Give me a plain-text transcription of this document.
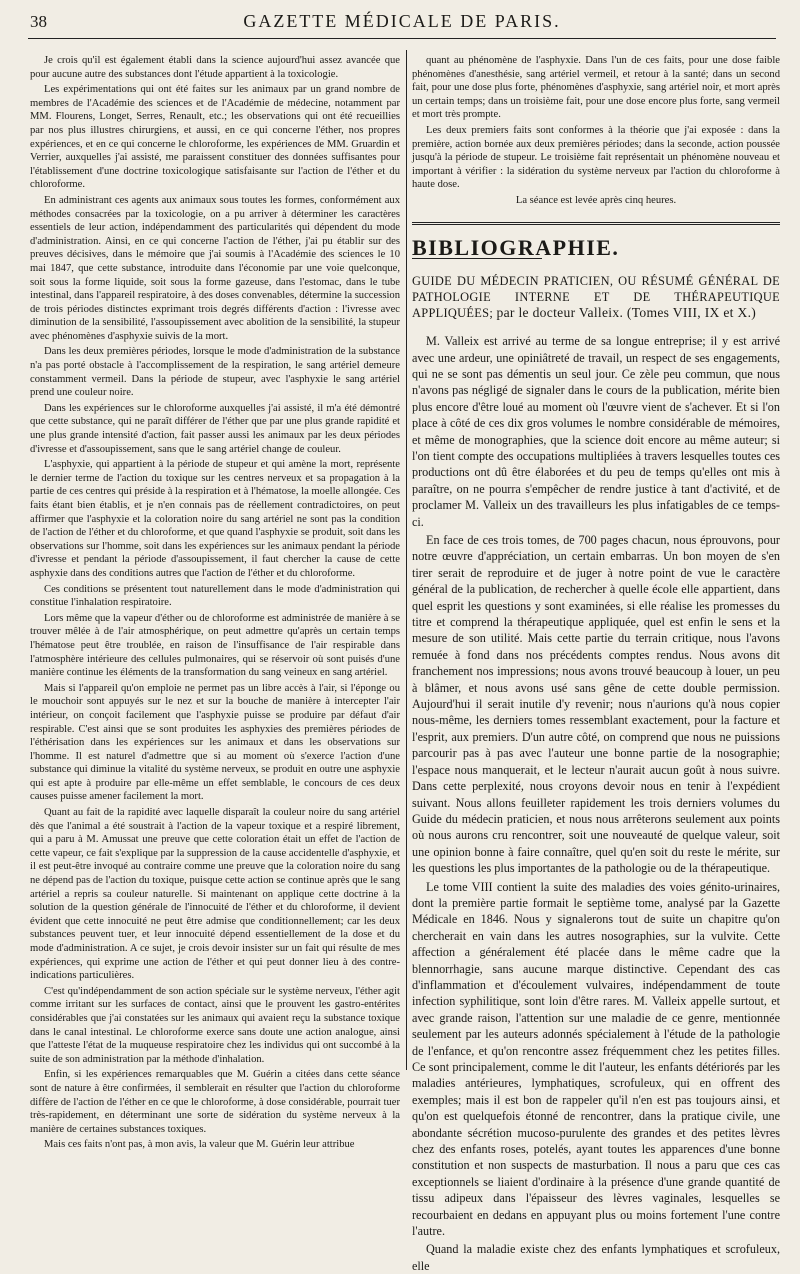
38	GAZETTE MÉDICALE DE PARIS.

Je crois qu'il est également établi dans la science aujourd'hui assez avancée que pour aucune autre des substances dont l'étude appartient à la toxicologie.

Les expérimentations qui ont été faites sur les animaux par un grand nombre de membres de l'Académie des sciences et de l'Académie de médecine, notamment par MM. Flourens, Longet, Serres, Renault, etc.; les observations qui ont été recueillies par nos plus illustres chirurgiens, et aussi, en ce qui concerne l'éther, nos propres expériences, et en ce qui concerne le chloroforme, les expériences de MM. Gruardin et Verrier, auxquelles j'ai assisté, me paraissent constituer des données suffisantes pour l'établissement d'une doctrine toxicologique satisfaisante sur l'action de l'éther et du chloroforme.

En administrant ces agents aux animaux sous toutes les formes, conformément aux méthodes consacrées par la toxicologie, on a pu arriver à déterminer les caractères essentiels de leur action, indépendamment des particularités qui dépendent du mode d'administration. Ainsi, en ce qui concerne l'action de l'éther, j'ai pu établir sur des preuves décisives, dans le mémoire que j'ai soumis à l'Académie des sciences le 10 mai 1847, que cette substance, introduite dans l'économie par une voie quelconque, soit sous la forme liquide, soit sous la forme gazeuse, dans l'estomac, dans le tube intestinal, dans l'appareil respiratoire, à des doses convenables, détermine la succession de trois périodes distinctes exprimant trois degrés différents d'action : l'ivresse avec diminution de la sensibilité, l'assoupissement avec abolition de la sensibilité, la stupeur avec phénomènes d'asphyxie suivis de la mort.

Dans les deux premières périodes, lorsque le mode d'administration de la substance n'a pas porté obstacle à l'accomplissement de la respiration, le sang artériel demeure constamment vermeil. Dans la période de stupeur, avec l'asphyxie le sang artériel prend une couleur noire.

Dans les expériences sur le chloroforme auxquelles j'ai assisté, il m'a été démontré que cette substance, qui ne paraît différer de l'éther que par une plus grande rapidité et une plus grande intensité d'action, fait passer aussi les animaux par les deux périodes d'ivresse et d'assoupissement, sans que le sang artériel change de couleur.

L'asphyxie, qui appartient à la période de stupeur et qui amène la mort, représente le dernier terme de l'action du toxique sur les centres nerveux et sa propagation à la partie de ces centres qui préside à la respiration et à l'hématose, la moelle allongée. Ces faits étant bien établis, et je n'en connais pas de réellement contradictoires, on peut affirmer que l'asphyxie et la coloration noire du sang artériel ne sont pas la condition de l'action de l'éther et du chloroforme, et que quand l'asphyxie se produit, soit dans les observations sur l'homme, soit dans les expériences sur les animaux pendant la période d'ivresse et pendant la période d'assoupissement, il faut chercher la cause de cette asphyxie dans des conditions autres que l'action de l'éther et du chloroforme.

Ces conditions se présentent tout naturellement dans le mode d'administration qui constitue l'inhalation respiratoire.

Lors même que la vapeur d'éther ou de chloroforme est administrée de manière à se trouver mêlée à de l'air atmosphérique, on peut admettre qu'après un certain temps l'hématose peut être troublée, en raison de l'insuffisance de l'air respirable dans l'atmosphère intérieure des cellules pulmonaires, qui se réservoir où sont puisés d'une manière continue les éléments de la transformation du sang veineux en sang artériel.

Mais si l'appareil qu'on emploie ne permet pas un libre accès à l'air, si l'éponge ou le mouchoir sont appuyés sur le nez et sur la bouche de manière à intercepter l'air intérieur, on conçoit facilement que l'asphyxie puisse se produire par défaut d'air respirable. C'est ainsi que se sont produites les asphyxies des premières périodes de l'éthérisation dans les expériences sur les animaux et dans les observations sur l'homme. Il est naturel d'admettre que si au moment où s'exerce l'action d'une substance qui diminue la vitalité du système nerveux, se produit en outre une asphyxie qui est apte à produire par elle-même un effet semblable, le concours de ces deux causes puisse amener facilement la mort.

Quant au fait de la rapidité avec laquelle disparaît la couleur noire du sang artériel dès que l'animal a été soustrait à l'action de la vapeur toxique et a respiré librement, qui a paru à M. Amussat une preuve que cette coloration était un effet de l'action de cette vapeur, ce fait s'explique par la suppression de la cause accidentelle d'asphyxie, et il est peut-être invoqué au contraire comme une preuve que la coloration noire du sang ne dépend pas de l'action du toxique, puisque cette action se continue après que le sang artériel a repris sa couleur naturelle. Si maintenant on applique cette doctrine à la solution de la question générale de l'innocuité de l'éther et du chloroforme, il devient évident que cette innocuité ne peut être admise que conditionnellement; car les deux substances peuvent tuer, et leur innocuité dépend essentiellement de la dose et du mode d'administration. A ce sujet, je crois devoir insister sur un fait qui résulte de mes expériences, qui exprime une action de l'éther et qui peut donner lieu à des contre-indications particulières.

C'est qu'indépendamment de son action spéciale sur le système nerveux, l'éther agit comme irritant sur les surfaces de contact, ainsi que le prouvent les gastro-entérites considérables que j'ai constatées sur les animaux qui avaient reçu la substance toxique dans le canal intestinal. Le chloroforme exerce sans doute une action analogue, ainsi que l'atteste l'état de la muqueuse respiratoire chez les individus qui ont succombé à la suite de son administration par la méthode d'inhalation.

Enfin, si les expériences remarquables que M. Guérin a citées dans cette séance sont de nature à être confirmées, il semblerait en résulter que l'action du chloroforme diffère de l'action de l'éther en ce que le chloroforme, à dose considérable, pourrait tuer très-rapidement, en déterminant une sorte de sidération du système nerveux à la manière de certaines substances toxiques.

Mais ces faits n'ont pas, à mon avis, la valeur que M. Guérin leur attribue

quant au phénomène de l'asphyxie. Dans l'un de ces faits, pour une dose faible phénomènes d'anesthésie, sang artériel vermeil, et retour à la santé; dans un second fait, pour une dose plus forte, phénomènes d'asphyxie, sang artériel noir, et mort après un certain temps; dans un troisième fait, pour une dose encore plus forte, sang vermeil et mort très prompte.

Les deux premiers faits sont conformes à la théorie que j'ai exposée : dans la première, action bornée aux deux premières périodes; dans la seconde, action poussée jusqu'à la période de stupeur. Le troisième fait représentait un phénomène nouveau et important à vérifier : la sidération du système nerveux par l'action du chloroforme à haute dose.

La séance est levée après cinq heures.

BIBLIOGRAPHIE.

GUIDE DU MÉDECIN PRATICIEN, OU RÉSUMÉ GÉNÉRAL DE PATHOLOGIE INTERNE ET DE THÉRAPEUTIQUE APPLIQUÉES; par le docteur Valleix. (Tomes VIII, IX et X.)

M. Valleix est arrivé au terme de sa longue entreprise; il y est arrivé avec une ardeur, une opiniâtreté de travail, un respect de ses engagements, qui ne se sont pas démentis un seul jour. Ce zèle peu commun, que nous n'avons pas négligé de signaler dans le cours de la publication, mérite bien plus encore d'être loué au moment où l'œuvre vient de s'achever. Et si l'on place à côté de ces dix gros volumes le nombre considérable de mémoires, et même de monographies, que la science doit encore au même auteur; si l'on tient compte des occupations multipliées à travers lesquelles toutes ces productions ont dû être élaborées et du peu de temps qu'elles ont mis à paraître, on ne pourra s'empêcher de rendre justice à tant d'activité, et de proclamer M. Valleix un des travailleurs les plus infatigables de ce temps-ci.

En face de ces trois tomes, de 700 pages chacun, nous éprouvons, pour notre œuvre d'appréciation, un certain embarras. Un bon moyen de s'en tirer serait de reproduire et de juger à notre point de vue le caractère général de la publication, de rechercher à quelle école elle appartient, dans quel esprit les questions y sont examinées, si elle réalise les promesses du titre et comprend la thérapeutique appliquée, quel est enfin le sens et la mesure de son utilité. Mais cette partie du terrain critique, nous l'avons remuée à fond dans nos précédents comptes rendus. Nous avons dit franchement nos impressions; nous avons trouvé beaucoup à louer, un peu à blâmer, et nous avons usé sans gêne de cette double permission. Aujourd'hui il serait inutile d'y revenir; nous n'aurions qu'à nous copier nous-même, les derniers tomes ressemblant exactement, pour la facture et l'esprit, aux premiers. D'un autre côté, on comprend que nous ne puissions parcourir pas à pas avec l'auteur une bonne partie de la nosographie; l'espace nous manquerait, et le lecteur n'aurait aucun goût à nous suivre. Dans cette perplexité, nous croyons devoir nous en tenir à l'expédient suivant. Nous allons feuilleter rapidement les trois derniers volumes du Guide du médecin praticien, et nous nous arrêterons seulement aux points où nous aurons cru rencontrer, soit une nouveauté de quelque valeur, soit une opinion bonne à faire connaître, quel qu'en soit du reste le mérite, sur les questions les plus importantes de la pathologie ou de la thérapeutique.

Le tome VIII contient la suite des maladies des voies génito-urinaires, dont la première partie formait le septième tome, analysé par la Gazette Médicale en 1846. Nous y signalerons tout de suite un chapitre qu'on chercherait en vain dans les autres nosographies, sur la vulvite. Cette affection a généralement été placée dans le même cadre que la blennorrhagie, sans aucune marque distinctive. Cependant des cas d'inflammation et d'écoulement vulvaires, indépendamment de toute infection syphilitique, sont loin d'être rares. M. Valleix appelle surtout, et avec grande raison, l'attention sur une maladie de ce genre, mentionnée seulement par les auteurs adonnés spécialement à l'étude de la pathologie de l'enfance, et qu'on rencontre assez fréquemment chez les petites filles. Ce sont principalement, comme le dit l'auteur, les enfants détériorés par les maladies antérieures, lymphatiques, scrofuleux, qui en offrent des exemples; mais il est bon de rappeler qu'il n'en est pas toujours ainsi, et qu'on est quelquefois étonné de rencontrer, dans la pratique civile, une abondante sécrétion mucoso-purulente des grandes et des petites lèvres chez des enfants roses, potelés, ayant toutes les apparences d'une bonne constitution et non suspects de masturbation. Il nous a paru que ces cas exceptionnels se liaient d'ordinaire à la présence d'une grande quantité de tissu adipeux dans l'épaisseur des lèvres vaginales, lesquelles se recourbaient en dedans en appuyant plus ou moins fortement l'une contre l'autre.

Quand la maladie existe chez des enfants lymphatiques et scrofuleux, elle
